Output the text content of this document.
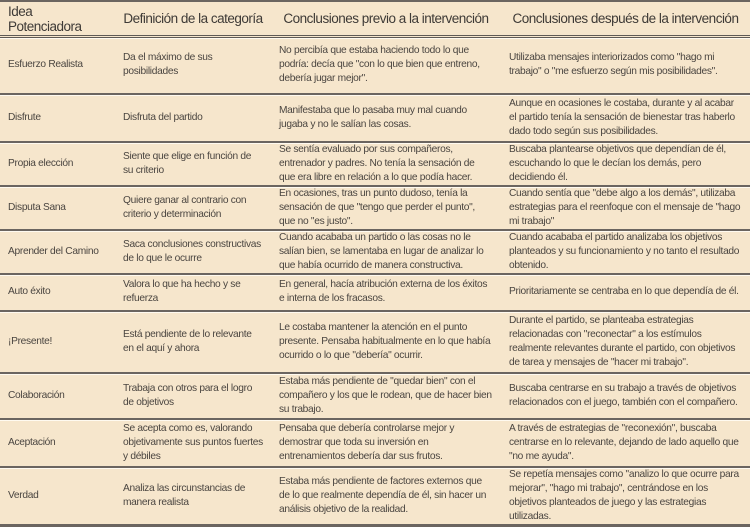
Idea Potenciadora	Definición de la categoría	Conclusiones previo a la intervención	Conclusiones después de la intervención
Esfuerzo Realista	Da el máximo de sus posibilidades	No percibía que estaba haciendo todo lo que podría: decía que "con lo que bien que entreno, debería jugar mejor".	Utilizaba mensajes interiorizados como "hago mi trabajo" o "me esfuerzo según mis posibilidades".
Disfrute	Disfruta del partido	Manifestaba que lo pasaba muy mal cuando jugaba y no le salían las cosas.	Aunque en ocasiones le costaba, durante y al acabar el partido tenía la sensación de bienestar tras haberlo dado todo según sus posibilidades.
Propia elección	Siente que elige en función de su criterio	Se sentía evaluado por sus compañeros, entrenador y padres. No tenía la sensación de que era libre en relación a lo que podía hacer.	Buscaba plantearse objetivos que dependían de él, escuchando lo que le decían los demás, pero decidiendo él.
Disputa Sana	Quiere ganar al contrario con criterio y determinación	En ocasiones, tras un punto dudoso, tenía la sensación de que "tengo que perder el punto", que no "es justo".	Cuando sentía que "debe algo a los demás", utilizaba estrategias para el reenfoque con el mensaje de "hago mi trabajo"
Aprender del Camino	Saca conclusiones constructivas de lo que le ocurre	Cuando acababa un partido o las cosas no le salían bien, se lamentaba en lugar de analizar lo que había ocurrido de manera constructiva.	Cuando acababa el partido analizaba los objetivos planteados y su funcionamiento y no tanto el resultado obtenido.
Auto éxito	Valora lo que ha hecho y se refuerza	En general, hacía atribución externa de los éxitos e interna de los fracasos.	Prioritariamente se centraba en lo que dependía de él.
¡Presente!	Está pendiente de lo relevante en el aquí y ahora	Le costaba mantener la atención en el punto presente. Pensaba habitualmente en lo que había ocurrido o lo que "debería" ocurrir.	Durante el partido, se planteaba estrategias relacionadas con "reconectar" a los estímulos realmente relevantes durante el partido, con objetivos de tarea y mensajes de "hacer mi trabajo".
Colaboración	Trabaja con otros para el logro de objetivos	Estaba más pendiente de "quedar bien" con el compañero y los que le rodean, que de hacer bien su trabajo.	Buscaba centrarse en su trabajo a través de objetivos relacionados con el juego, también con el compañero.
Aceptación	Se acepta como es, valorando objetivamente sus puntos fuertes y débiles	Pensaba que debería controlarse mejor y demostrar que toda su inversión en entrenamientos debería dar sus frutos.	A través de estrategias de "reconexión", buscaba centrarse en lo relevante, dejando de lado aquello que "no me ayuda".
Verdad	Analiza las circunstancias de manera realista	Estaba más pendiente de factores externos que de lo que realmente dependía de él, sin hacer un análisis objetivo de la realidad.	Se repetía mensajes como "analizo lo que ocurre para mejorar", "hago mi trabajo", centrándose en los objetivos planteados de juego y las estrategias utilizadas.
